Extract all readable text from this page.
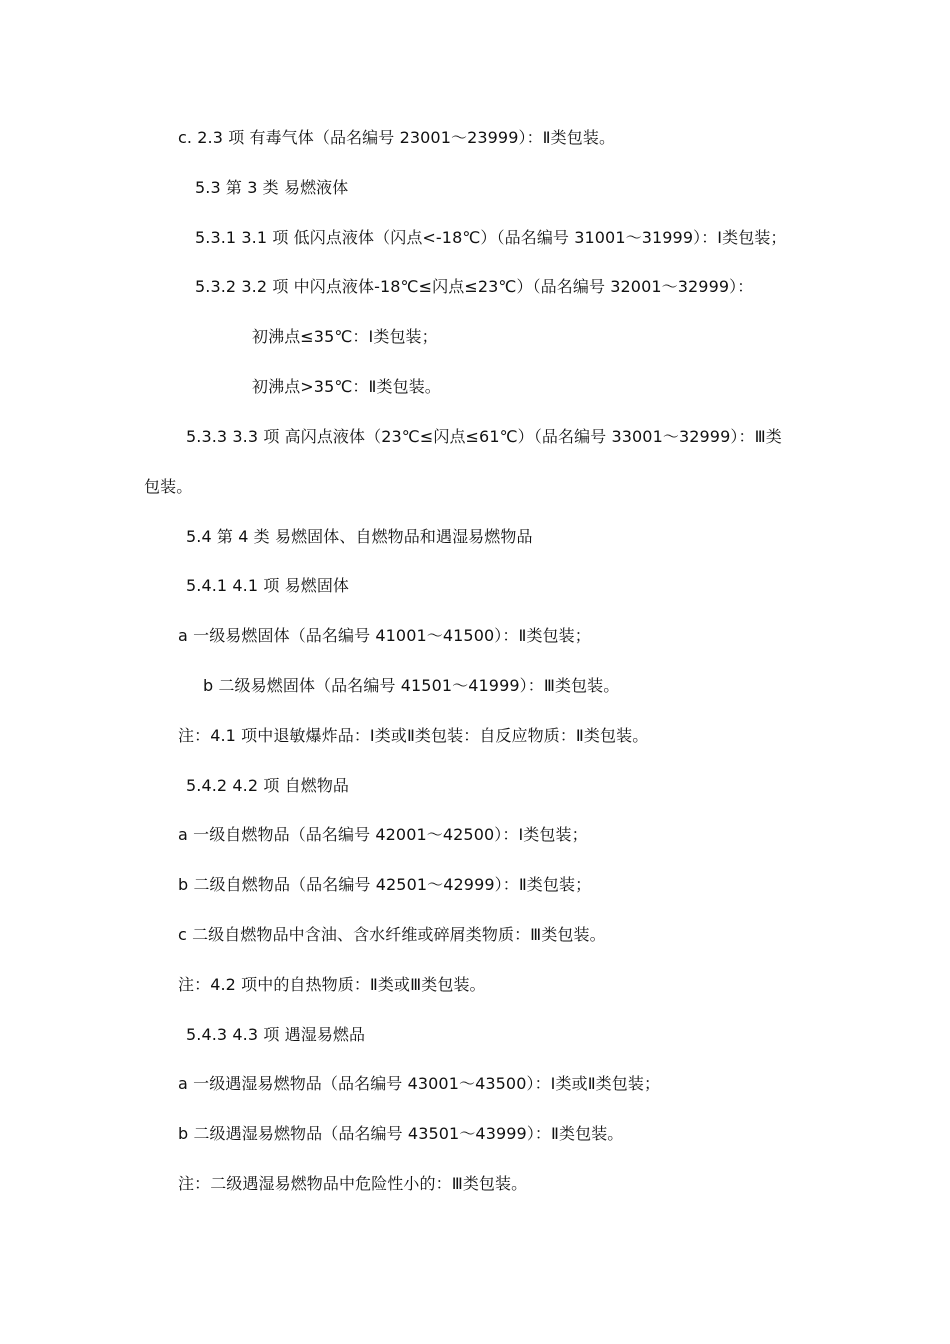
c. 2.3 项 有毒气体（品名编号 23001～23999）：Ⅱ类包装。
5.3 第 3 类 易燃液体
5.3.1 3.1 项 低闪点液体（闪点<-18℃）（品名编号 31001～31999）：Ⅰ类包装；
5.3.2 3.2 项 中闪点液体-18℃≤闪点≤23℃）（品名编号 32001～32999）：
初沸点≤35℃：Ⅰ类包装；
初沸点>35℃：Ⅱ类包装。
5.3.3 3.3 项 高闪点液体（23℃≤闪点≤61℃）（品名编号 33001～32999）：Ⅲ类
包装。
5.4 第 4 类 易燃固体、自燃物品和遇湿易燃物品
5.4.1 4.1 项 易燃固体
a 一级易燃固体（品名编号 41001～41500）：Ⅱ类包装；
b 二级易燃固体（品名编号 41501～41999）：Ⅲ类包装。
注：4.1 项中退敏爆炸品：Ⅰ类或Ⅱ类包装：自反应物质：Ⅱ类包装。
5.4.2 4.2 项 自燃物品
a 一级自燃物品（品名编号 42001～42500）：Ⅰ类包装；
b 二级自燃物品（品名编号 42501～42999）：Ⅱ类包装；
c 二级自燃物品中含油、含水纤维或碎屑类物质：Ⅲ类包装。
注：4.2 项中的自热物质：Ⅱ类或Ⅲ类包装。
5.4.3 4.3 项 遇湿易燃品
a 一级遇湿易燃物品（品名编号 43001～43500）：Ⅰ类或Ⅱ类包装；
b 二级遇湿易燃物品（品名编号 43501～43999）：Ⅱ类包装。
注：二级遇湿易燃物品中危险性小的：Ⅲ类包装。
